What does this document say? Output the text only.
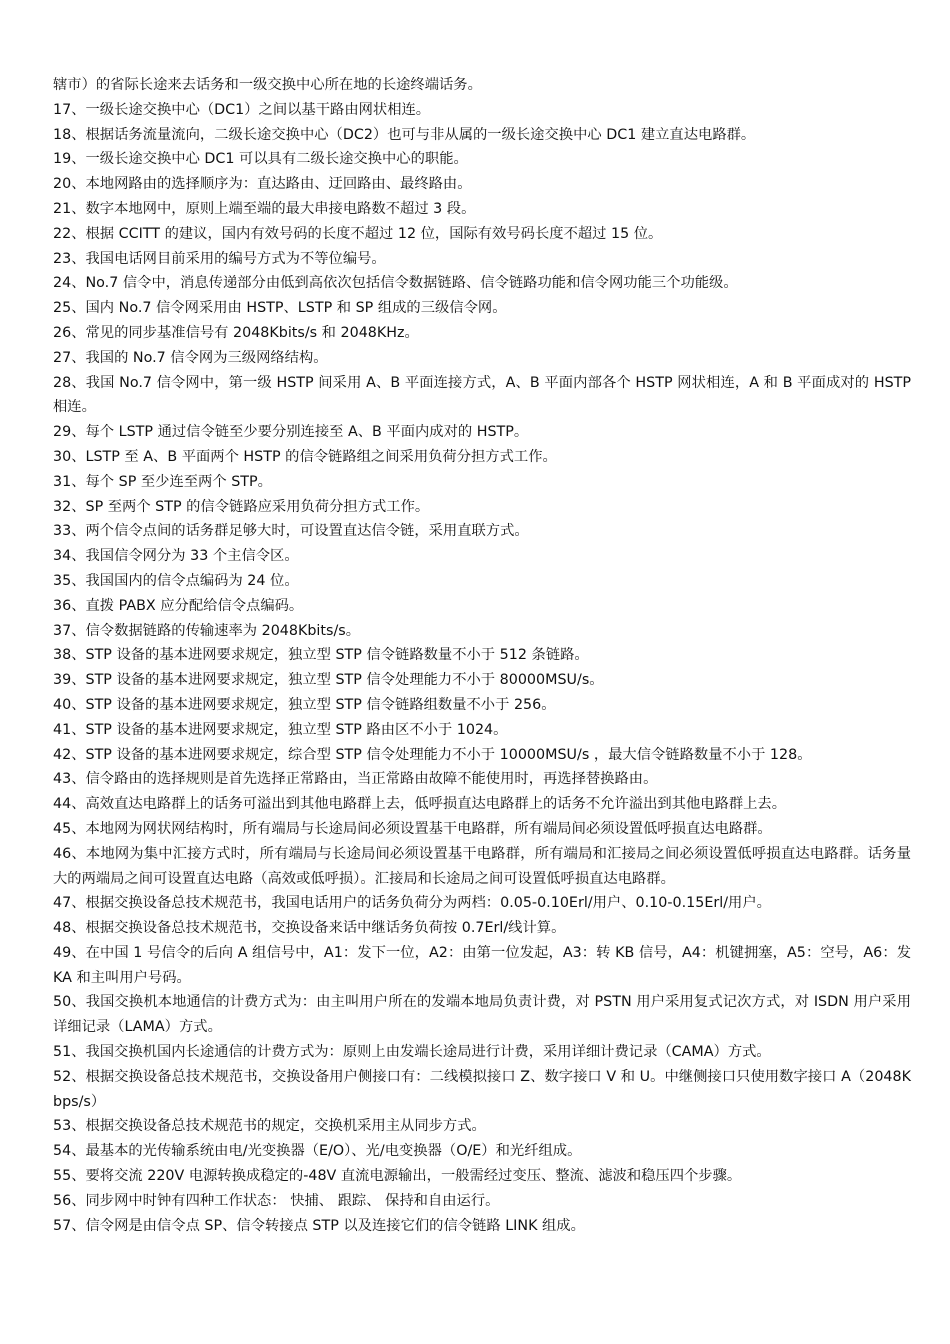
辖市）的省际长途来去话务和一级交换中心所在地的长途终端话务。

17、一级长途交换中心（DC1）之间以基干路由网状相连。

18、根据话务流量流向，二级长途交换中心（DC2）也可与非从属的一级长途交换中心 DC1 建立直达电路群。

19、一级长途交换中心 DC1 可以具有二级长途交换中心的职能。

20、本地网路由的选择顺序为：直达路由、迂回路由、最终路由。

21、数字本地网中，原则上端至端的最大串接电路数不超过 3 段。

22、根据 CCITT 的建议，国内有效号码的长度不超过 12 位，国际有效号码长度不超过 15 位。

23、我国电话网目前采用的编号方式为不等位编号。

24、No.7 信令中，消息传递部分由低到高依次包括信令数据链路、信令链路功能和信令网功能三个功能级。

25、国内 No.7 信令网采用由 HSTP、LSTP 和 SP 组成的三级信令网。

26、常见的同步基准信号有 2048Kbits/s 和 2048KHz。

27、我国的 No.7 信令网为三级网络结构。

28、我国 No.7 信令网中，第一级 HSTP 间采用 A、B 平面连接方式，A、B 平面内部各个 HSTP 网状相连，A 和 B 平面成对的 HSTP 相连。

29、每个 LSTP 通过信令链至少要分别连接至 A、B 平面内成对的 HSTP。

30、LSTP 至 A、B 平面两个 HSTP 的信令链路组之间采用负荷分担方式工作。

31、每个 SP 至少连至两个 STP。

32、SP 至两个 STP 的信令链路应采用负荷分担方式工作。

33、两个信令点间的话务群足够大时，可设置直达信令链，采用直联方式。

34、我国信令网分为 33 个主信令区。

35、我国国内的信令点编码为 24 位。

36、直拨 PABX 应分配给信令点编码。

37、信令数据链路的传输速率为 2048Kbits/s。

38、STP 设备的基本进网要求规定，独立型 STP 信令链路数量不小于 512 条链路。

39、STP 设备的基本进网要求规定，独立型 STP 信令处理能力不小于 80000MSU/s。

40、STP 设备的基本进网要求规定，独立型 STP 信令链路组数量不小于 256。

41、STP 设备的基本进网要求规定，独立型 STP 路由区不小于 1024。

42、STP 设备的基本进网要求规定，综合型 STP 信令处理能力不小于 10000MSU/s ，最大信令链路数量不小于 128。

43、信令路由的选择规则是首先选择正常路由，当正常路由故障不能使用时，再选择替换路由。

44、高效直达电路群上的话务可溢出到其他电路群上去，低呼损直达电路群上的话务不允许溢出到其他电路群上去。

45、本地网为网状网结构时，所有端局与长途局间必须设置基干电路群，所有端局间必须设置低呼损直达电路群。

46、本地网为集中汇接方式时，所有端局与长途局间必须设置基干电路群，所有端局和汇接局之间必须设置低呼损直达电路群。话务量大的两端局之间可设置直达电路（高效或低呼损）。汇接局和长途局之间可设置低呼损直达电路群。

47、根据交换设备总技术规范书，我国电话用户的话务负荷分为两档：0.05-0.10Erl/用户、0.10-0.15Erl/用户。

48、根据交换设备总技术规范书，交换设备来话中继话务负荷按 0.7Erl/线计算。

49、在中国 1 号信令的后向 A 组信号中，A1：发下一位，A2：由第一位发起，A3：转 KB 信号，A4：机键拥塞，A5：空号，A6：发 KA 和主叫用户号码。

50、我国交换机本地通信的计费方式为：由主叫用户所在的发端本地局负责计费，对 PSTN 用户采用复式记次方式，对 ISDN 用户采用详细记录（LAMA）方式。

51、我国交换机国内长途通信的计费方式为：原则上由发端长途局进行计费，采用详细计费记录（CAMA）方式。

52、根据交换设备总技术规范书，交换设备用户侧接口有：二线模拟接口 Z、数字接口 V 和 U。中继侧接口只使用数字接口 A（2048Kbps/s）

53、根据交换设备总技术规范书的规定，交换机采用主从同步方式。

54、最基本的光传输系统由电/光变换器（E/O）、光/电变换器（O/E）和光纤组成。

55、要将交流 220V 电源转换成稳定的-48V 直流电源输出，一般需经过变压、整流、滤波和稳压四个步骤。

56、同步网中时钟有四种工作状态： 快捕、 跟踪、 保持和自由运行。

57、信令网是由信令点 SP、信令转接点 STP 以及连接它们的信令链路 LINK 组成。
